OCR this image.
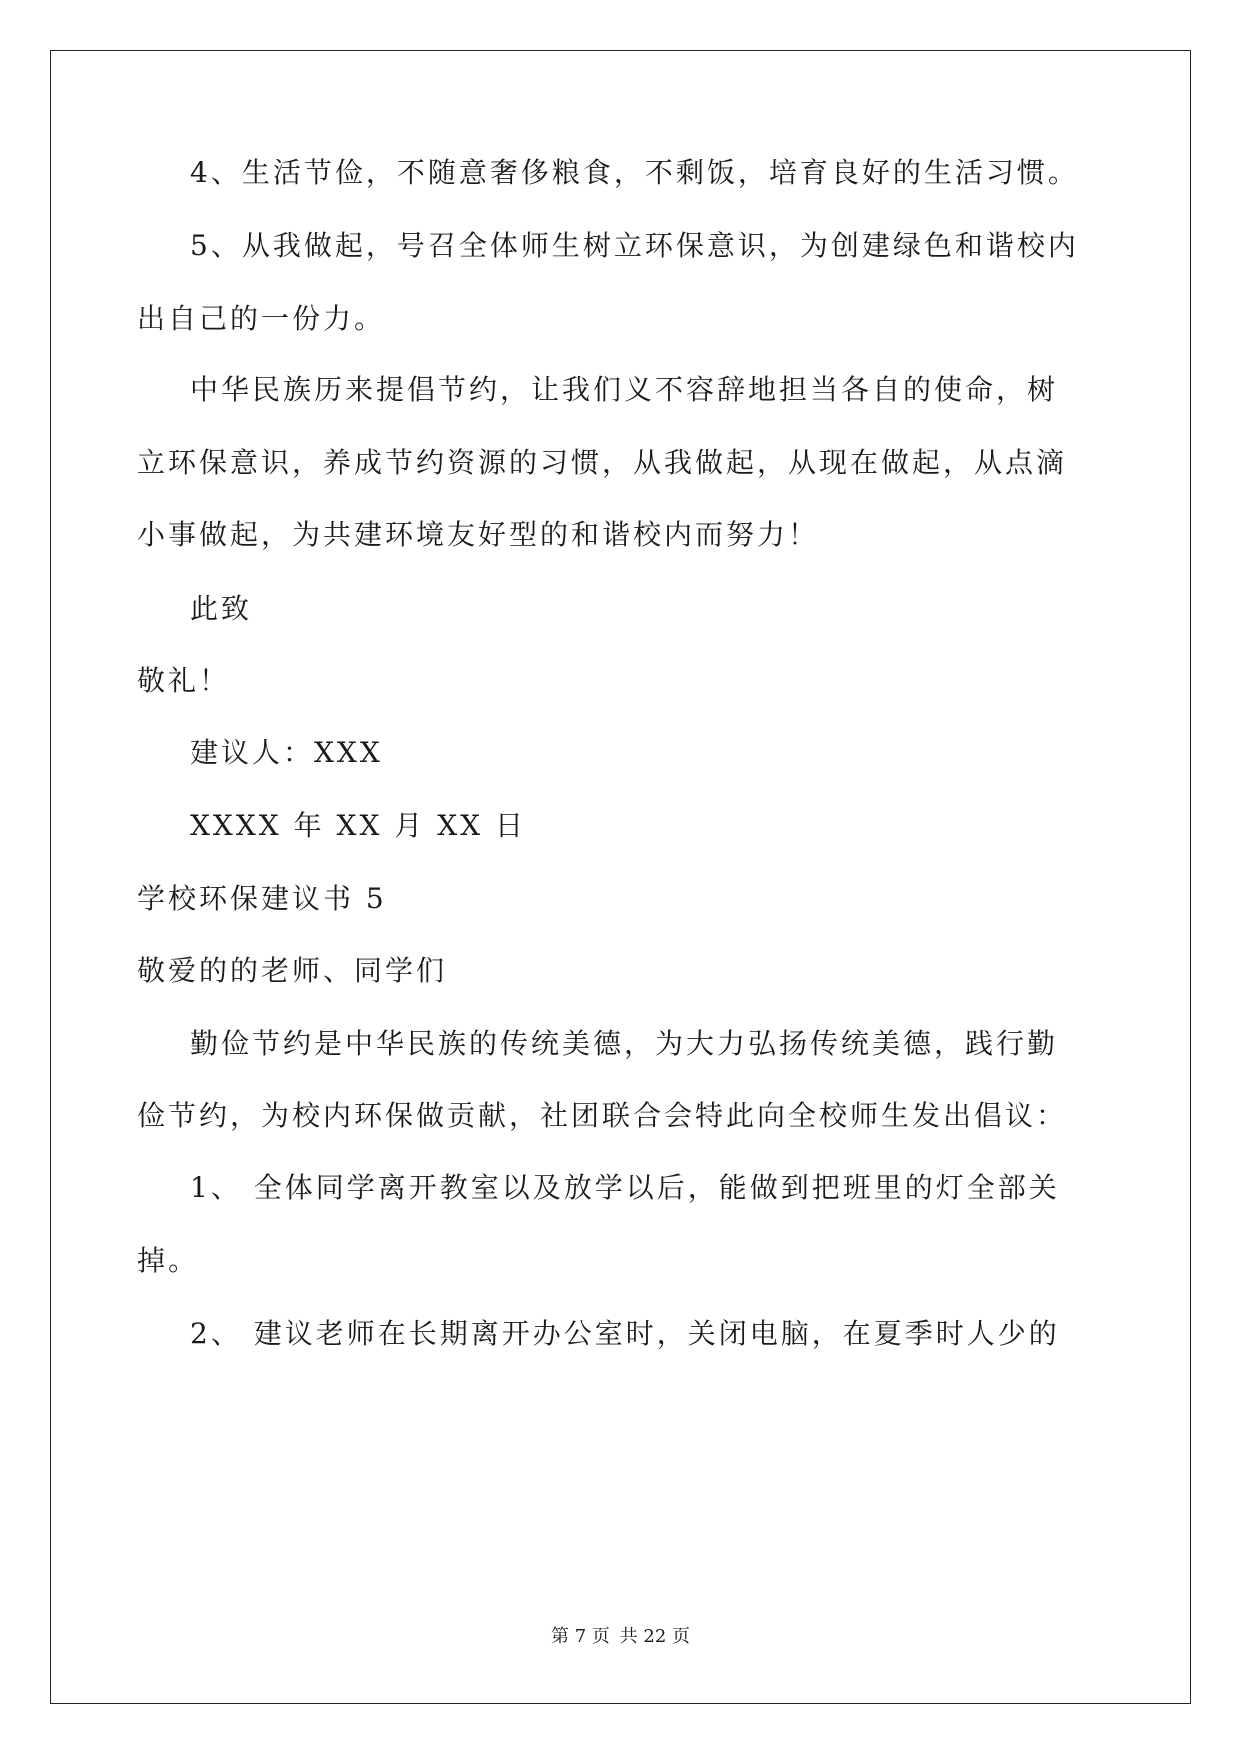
4、生活节俭，不随意奢侈粮食，不剩饭，培育良好的生活习惯。
5、从我做起，号召全体师生树立环保意识，为创建绿色和谐校内
出自己的一份力。
中华民族历来提倡节约，让我们义不容辞地担当各自的使命，树
立环保意识，养成节约资源的习惯，从我做起，从现在做起，从点滴
小事做起，为共建环境友好型的和谐校内而努力！
此致
敬礼！
建议人：XXX
XXXX 年 XX 月 XX 日
学校环保建议书 5
敬爱的的老师、同学们
勤俭节约是中华民族的传统美德，为大力弘扬传统美德，践行勤
俭节约，为校内环保做贡献，社团联合会特此向全校师生发出倡议：
1、 全体同学离开教室以及放学以后，能做到把班里的灯全部关
掉。
2、 建议老师在长期离开办公室时，关闭电脑，在夏季时人少的
第 7 页 共 22 页
